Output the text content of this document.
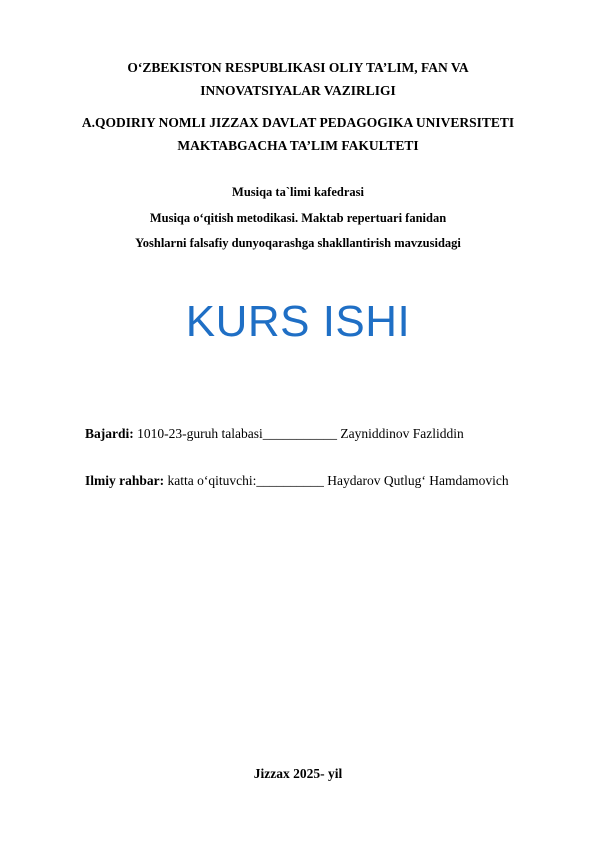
O‘ZBEKISTON RESPUBLIKASI OLIY TA’LIM, FAN VA
INNOVATSIYALAR VAZIRLIGI
A.QODIRIY NOMLI JIZZAX DAVLAT PEDAGOGIKA UNIVERSITETI
MAKTABGACHA TA’LIM FAKULTETI
Musiqa ta`limi kafedrasi
Musiqa o‘qitish metodikasi. Maktab repertuari fanidan
Yoshlarni falsafiy dunyoqarashga shakllantirish mavzusidagi
KURS ISHI
Bajardi: 1010-23-guruh talabasi___________ Zayniddinov Fazliddin
Ilmiy rahbar: katta o‘qituvchi:__________ Haydarov Qutlug‘ Hamdamovich
Jizzax 2025- yil
